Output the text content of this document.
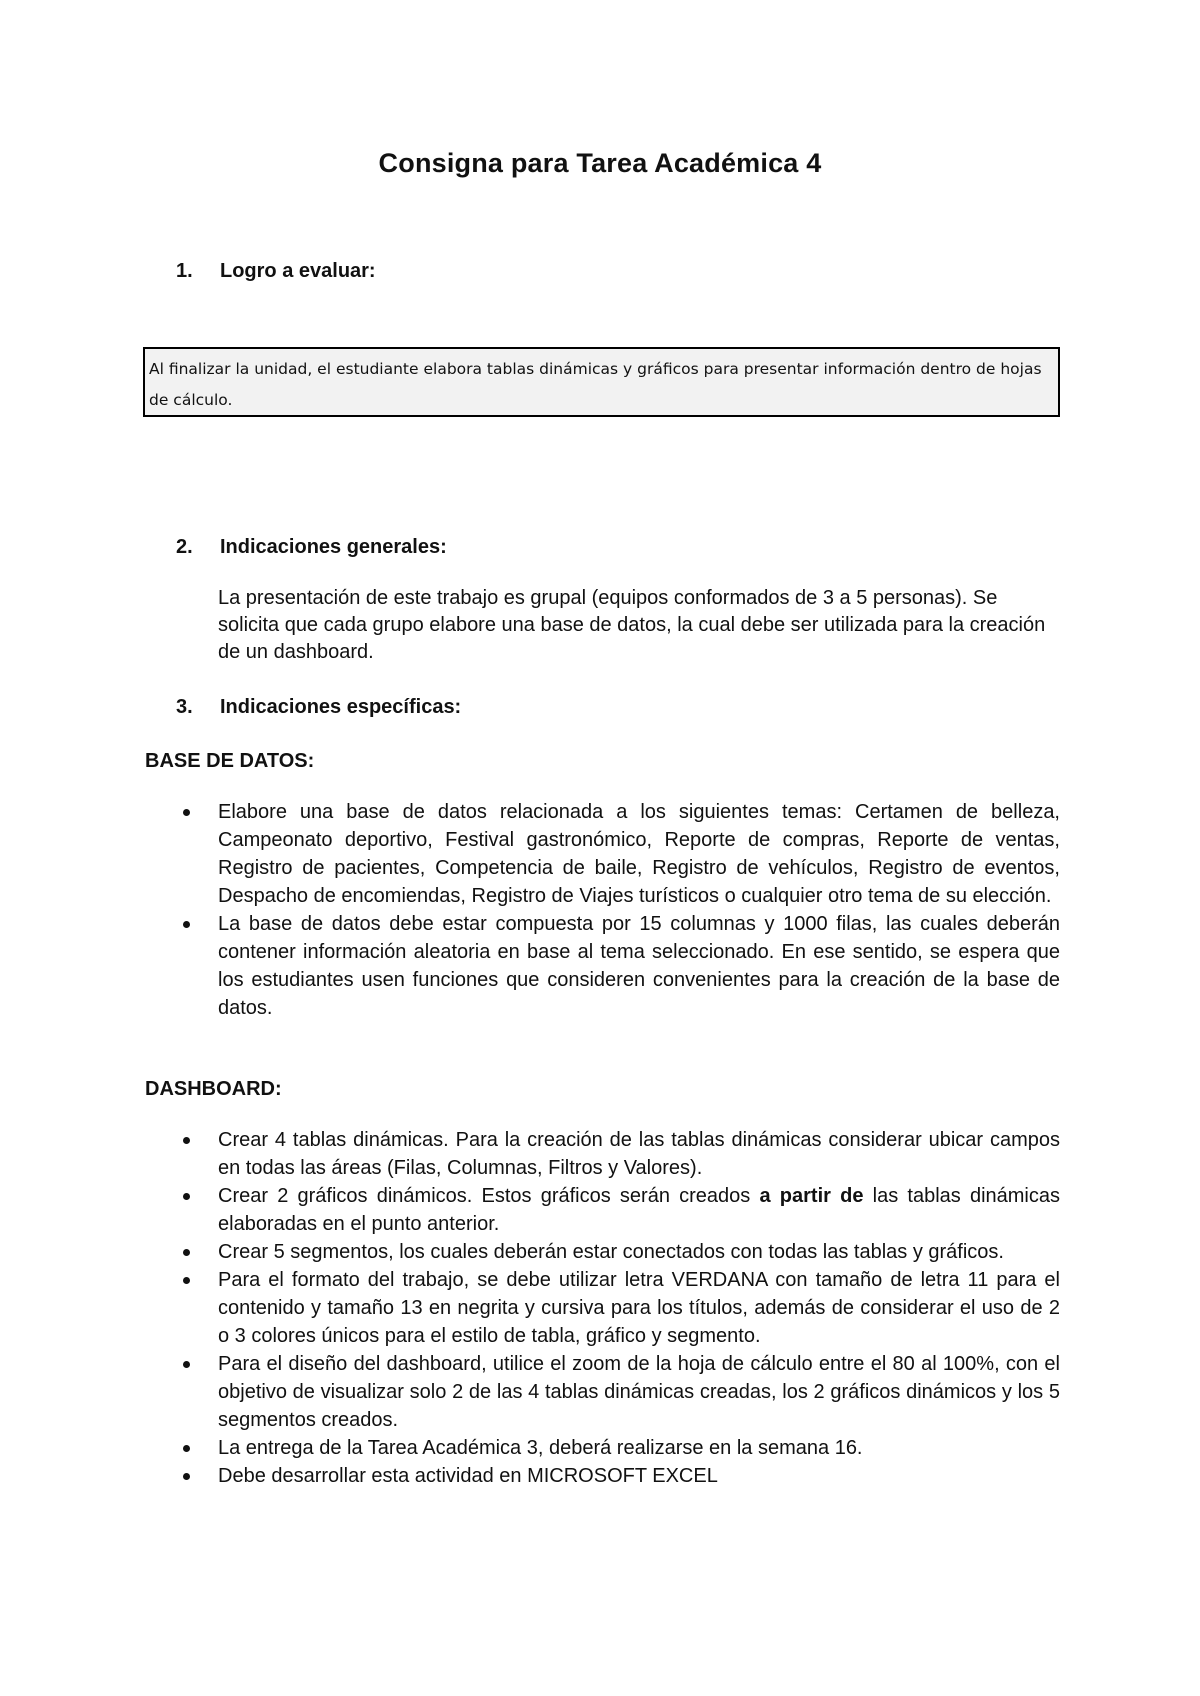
Consigna para Tarea Académica 4
1. Logro a evaluar:
Al finalizar la unidad, el estudiante elabora tablas dinámicas y gráficos para presentar información dentro de hojas de cálculo.
2. Indicaciones generales:
La presentación de este trabajo es grupal (equipos conformados de 3 a 5 personas). Se solicita que cada grupo elabore una base de datos, la cual debe ser utilizada para la creación de un dashboard.
3. Indicaciones específicas:
BASE DE DATOS:
Elabore una base de datos relacionada a los siguientes temas: Certamen de belleza, Campeonato deportivo, Festival gastronómico, Reporte de compras, Reporte de ventas, Registro de pacientes, Competencia de baile, Registro de vehículos, Registro de eventos, Despacho de encomiendas, Registro de Viajes turísticos o cualquier otro tema de su elección.
La base de datos debe estar compuesta por 15 columnas y 1000 filas, las cuales deberán contener información aleatoria en base al tema seleccionado. En ese sentido, se espera que los estudiantes usen funciones que consideren convenientes para la creación de la base de datos.
DASHBOARD:
Crear 4 tablas dinámicas. Para la creación de las tablas dinámicas considerar ubicar campos en todas las áreas (Filas, Columnas, Filtros y Valores).
Crear 2 gráficos dinámicos. Estos gráficos serán creados a partir de las tablas dinámicas elaboradas en el punto anterior.
Crear 5 segmentos, los cuales deberán estar conectados con todas las tablas y gráficos.
Para el formato del trabajo, se debe utilizar letra VERDANA con tamaño de letra 11 para el contenido y tamaño 13 en negrita y cursiva para los títulos, además de considerar el uso de 2 o 3 colores únicos para el estilo de tabla, gráfico y segmento.
Para el diseño del dashboard, utilice el zoom de la hoja de cálculo entre el 80 al 100%, con el objetivo de visualizar solo 2 de las 4 tablas dinámicas creadas, los 2 gráficos dinámicos y los 5 segmentos creados.
La entrega de la Tarea Académica 3, deberá realizarse en la semana 16.
Debe desarrollar esta actividad en MICROSOFT EXCEL
